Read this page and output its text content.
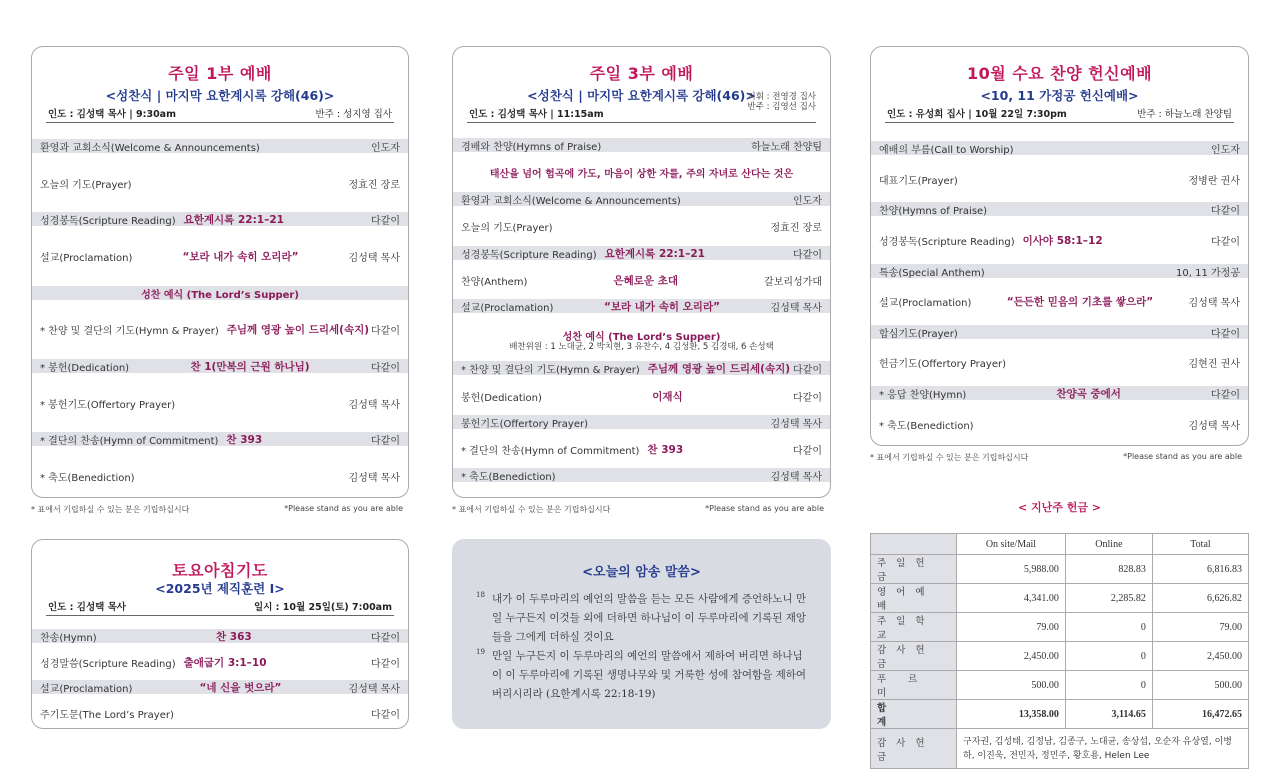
주일 1부 예배
<성찬식 | 마지막 요한계시록 강해(46)>
인도 : 김성택 목사 | 9:30am	반주 : 성지영 집사
환영과 교회소식(Welcome & Announcements)	인도자
오늘의 기도(Prayer)	정효진 장로
성경봉독(Scripture Reading) 요한계시록 22:1–21	다같이
설교(Proclamation)	“보라 내가 속히 오리라”	김성택 목사
성찬 예식 (The Lord’s Supper)
* 찬양 및 결단의 기도(Hymn & Prayer) 주님께 영광 높이 드리세(속지) 다같이
* 봉헌(Dedication)	찬 1(만복의 근원 하나님)	다같이
* 봉헌기도(Offertory Prayer)	김성택 목사
* 결단의 찬송(Hymn of Commitment) 찬 393	다같이
* 축도(Benediction)	김성택 목사
* 표에서 기립하실 수 있는 분은 기립하십시다	*Please stand as you are able
주일 3부 예배
<성찬식 | 마지막 요한계시록 강해(46)>
지휘 : 전영경 집사
반주 : 김영선 집사
인도 : 김성택 목사 | 11:15am
경배와 찬양(Hymns of Praise)	하늘노래 찬양팀
태산을 넘어 험곡에 가도, 마음이 상한 자를, 주의 자녀로 산다는 것은
환영과 교회소식(Welcome & Announcements)	인도자
오늘의 기도(Prayer)	정효진 장로
성경봉독(Scripture Reading) 요한계시록 22:1–21	다같이
찬양(Anthem)	은혜로운 초대	갈보리성가대
설교(Proclamation)	“보라 내가 속히 오리라”	김성택 목사
성찬 예식 (The Lord’s Supper)
* 찬양 및 결단의 기도(Hymn & Prayer) 주님께 영광 높이 드리세(속지) 다같이
봉헌(Dedication)	이재식	다같이
봉헌기도(Offertory Prayer)	김성택 목사
* 결단의 찬송(Hymn of Commitment) 찬 393	다같이
* 축도(Benediction)	김성택 목사
배찬위원 : 1 노대균, 2 박치현, 3 유찬수, 4 김성환, 5 김경태, 6 손성택
* 표에서 기립하실 수 있는 분은 기립하십시다	*Please stand as you are able
10월 수요 찬양 헌신예배
<10, 11 가정공 헌신예배>
인도 : 유성희 집사 | 10월 22일 7:30pm	반주 : 하늘노래 찬양팀
예배의 부름(Call to Worship)	인도자
대표기도(Prayer)	정병란 권사
찬양(Hymns of Praise)	다같이
성경봉독(Scripture Reading) 이사야 58:1–12	다같이
특송(Special Anthem)	10, 11 가정공
설교(Proclamation)	“든든한 믿음의 기초를 쌓으라”	김성택 목사
합심기도(Prayer)	다같이
헌금기도(Offertory Prayer)	김현진 권사
* 응답 찬양(Hymn)	찬양곡 중에서	다같이
* 축도(Benediction)	김성택 목사
* 표에서 기립하실 수 있는 분은 기립하십시다	*Please stand as you are able
토요아침기도
<2025년 제직훈련 I>
인도 : 김성택 목사	일시 : 10월 25일(토) 7:00am
찬송(Hymn)	찬 363	다같이
성경말씀(Scripture Reading) 출애굽기 3:1–10	다같이
설교(Proclamation)	“네 신을 벗으라”	김성택 목사
주기도문(The Lord’s Prayer)	다같이
<오늘의 암송 말씀>
18 내가 이 두루마리의 예언의 말씀을 듣는 모든 사람에게 증언하노니 만일 누구든지 이것들 외에 더하면 하나님이 이 두루마리에 기록된 재앙들을 그에게 더하실 것이요
19 만일 누구든지 이 두루마리의 예언의 말씀에서 제하여 버리면 하나님이 이 두루마리에 기록된 생명나무와 및 거룩한 성에 참여함을 제하여 버리시리라 (요한계시록 22:18-19)
< 지난주 헌금 >
	On site/Mail	Online	Total
주일헌금	5,988.00	828.83	6,816.83
영어예배	4,341.00	2,285.82	6,626.82
주일학교	79.00	0	79.00
감사헌금	2,450.00	0	2,450.00
푸르미	500.00	0	500.00
합계	13,358.00	3,114.65	16,472.65
감사헌금	구자권, 김성태, 김정남, 김종구, 노대균, 송상섭, 오순자 유상열, 이병하, 이진욱, 전민자, 정민주, 황호용, Helen Lee		
